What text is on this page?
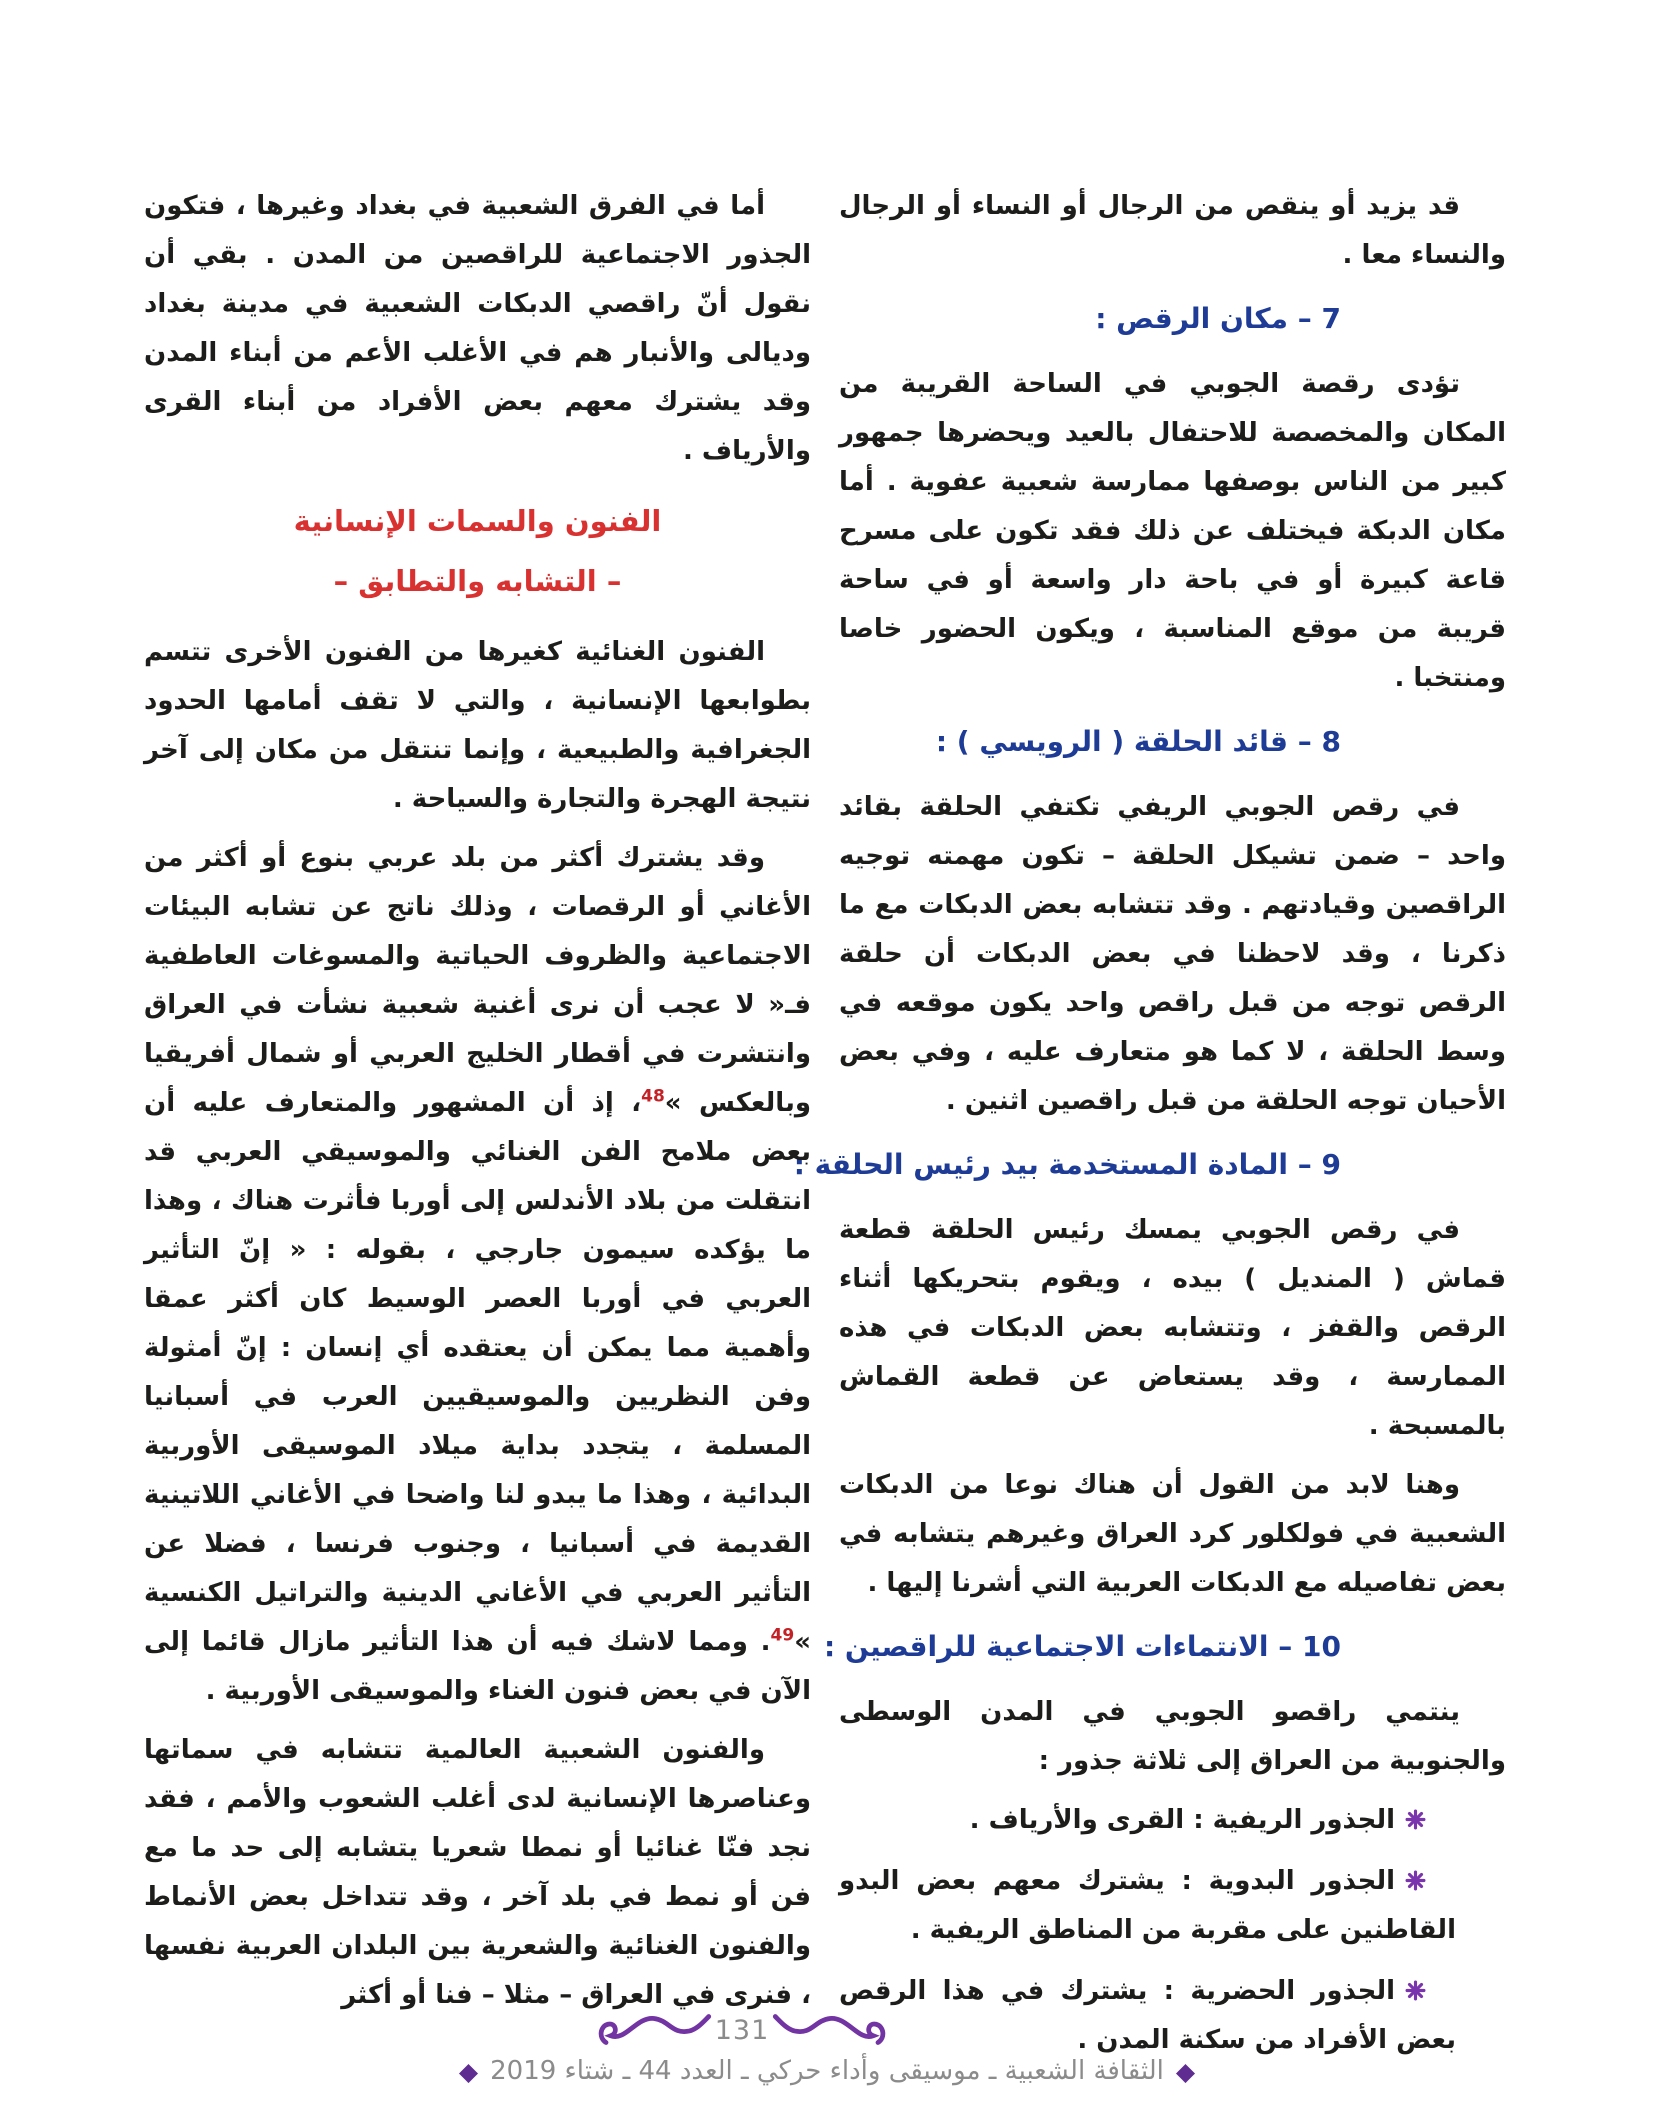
قد يزيد أو ينقص من الرجال أو النساء أو الرجال والنساء معا .

7 – مكان الرقص :

تؤدى رقصة الجوبي في الساحة القريبة من المكان والمخصصة للاحتفال بالعيد ويحضرها جمهور كبير من الناس بوصفها ممارسة شعبية عفوية . أما مكان الدبكة فيختلف عن ذلك فقد تكون على مسرح قاعة كبيرة أو في باحة دار واسعة أو في ساحة قريبة من موقع المناسبة ، ويكون الحضور خاصا ومنتخبا .

8 – قائد الحلقة ( الرويسي ) :

في رقص الجوبي الريفي تكتفي الحلقة بقائد واحد – ضمن تشيكل الحلقة – تكون مهمته توجيه الراقصين وقيادتهم . وقد تتشابه بعض الدبكات مع ما ذكرنا ، وقد لاحظنا في بعض الدبكات أن حلقة الرقص توجه من قبل راقص واحد يكون موقعه في وسط الحلقة ، لا كما هو متعارف عليه ، وفي بعض الأحيان توجه الحلقة من قبل راقصين اثنين .

9 – المادة المستخدمة بيد رئيس الحلقة :

في رقص الجوبي يمسك رئيس الحلقة قطعة قماش ( المنديل ) بيده ، ويقوم بتحريكها أثناء الرقص والقفز ، وتتشابه بعض الدبكات في هذه الممارسة ، وقد يستعاض عن قطعة القماش بالمسبحة .

وهنا لابد من القول أن هناك نوعا من الدبكات الشعبية في فولكلور كرد العراق وغيرهم يتشابه في بعض تفاصيله مع الدبكات العربية التي أشرنا إليها .

10 – الانتماءات الاجتماعية للراقصين :

ينتمي راقصو الجوبي في المدن الوسطى والجنوبية من العراق إلى ثلاثة جذور :

الجذور الريفية : القرى والأرياف .
الجذور البدوية : يشترك معهم بعض البدو القاطنين على مقربة من المناطق الريفية .
الجذور الحضرية : يشترك في هذا الرقص بعض الأفراد من سكنة المدن .

أما في الفرق الشعبية في بغداد وغيرها ، فتكون الجذور الاجتماعية للراقصين من المدن . بقي أن نقول أنّ راقصي الدبكات الشعبية في مدينة بغداد وديالى والأنبار هم في الأغلب الأعم من أبناء المدن وقد يشترك معهم بعض الأفراد من أبناء القرى والأرياف .

الفنون والسمات الإنسانية
– التشابه والتطابق –

الفنون الغنائية كغيرها من الفنون الأخرى تتسم بطوابعها الإنسانية ، والتي لا تقف أمامها الحدود الجغرافية والطبيعية ، وإنما تنتقل من مكان إلى آخر نتيجة الهجرة والتجارة والسياحة .

وقد يشترك أكثر من بلد عربي بنوع أو أكثر من الأغاني أو الرقصات ، وذلك ناتج عن تشابه البيئات الاجتماعية والظروف الحياتية والمسوغات العاطفية فـ« لا عجب أن نرى أغنية شعبية نشأت في العراق وانتشرت في أقطار الخليج العربي أو شمال أفريقيا وبالعكس »$^{48}$، إذ أن المشهور والمتعارف عليه أن بعض ملامح الفن الغنائي والموسيقي العربي قد انتقلت من بلاد الأندلس إلى أوربا فأثرت هناك ، وهذا ما يؤكده سيمون جارجي ، بقوله : « إنّ التأثير العربي في أوربا العصر الوسيط كان أكثر عمقا وأهمية مما يمكن أن يعتقده أي إنسان : إنّ أمثولة وفن النظريين والموسيقيين العرب في أسبانيا المسلمة ، يتجدد بداية ميلاد الموسيقى الأوربية البدائية ، وهذا ما يبدو لنا واضحا في الأغاني اللاتينية القديمة في أسبانيا ، وجنوب فرنسا ، فضلا عن التأثير العربي في الأغاني الدينية والتراتيل الكنسية »$^{49}$. ومما لاشك فيه أن هذا التأثير مازال قائما إلى الآن في بعض فنون الغناء والموسيقى الأوربية .

والفنون الشعبية العالمية تتشابه في سماتها وعناصرها الإنسانية لدى أغلب الشعوب والأمم ، فقد نجد فنّا غنائيا أو نمطا شعريا يتشابه إلى حد ما مع فن أو نمط في بلد آخر ، وقد تتداخل بعض الأنماط والفنون الغنائية والشعرية بين البلدان العربية نفسها ، فنرى في العراق – مثلا – فنا أو أكثر

131
◆
الثقافة الشعبية ـ موسيقى وأداء حركي ـ العدد 44 ـ شتاء 2019
◆
